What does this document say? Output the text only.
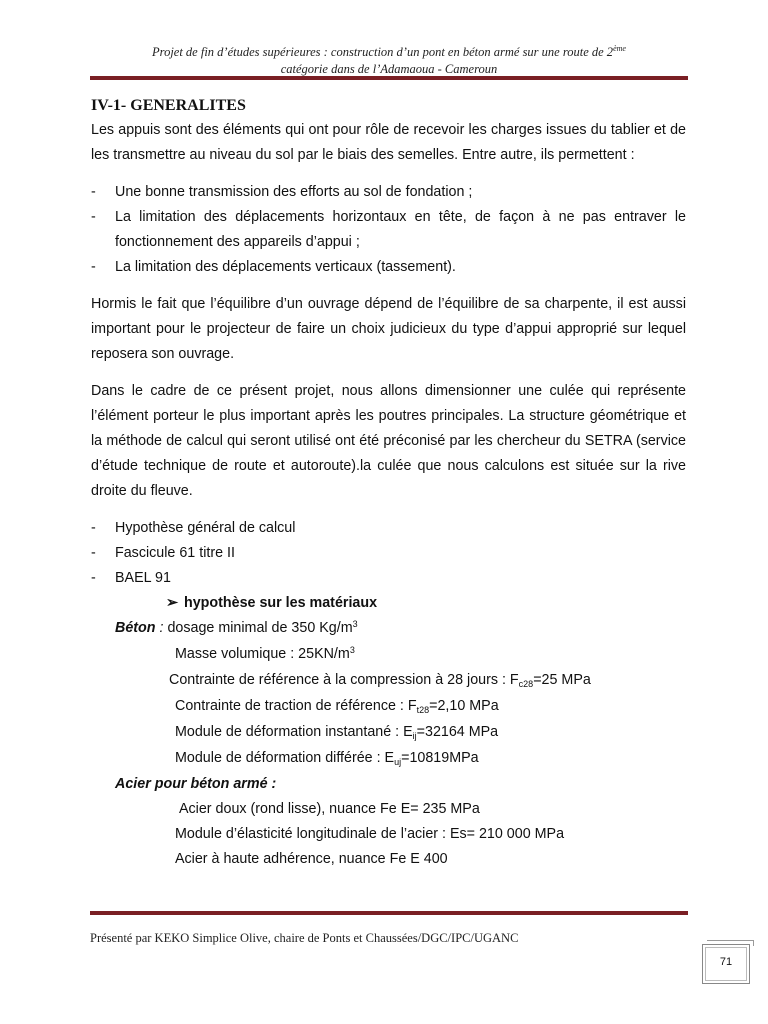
Projet de fin d’études supérieures : construction d’un pont en béton armé sur une route de 2ème
catégorie dans de l’Adamaoua - Cameroun
IV-1- GENERALITES

Les appuis sont des éléments qui ont pour rôle de recevoir les charges issues du tablier et de les transmettre au niveau du sol par le biais des semelles. Entre autre, ils permettent :

- Une bonne transmission des efforts au sol de fondation ;
- La limitation des déplacements horizontaux en tête, de façon à ne pas entraver le fonctionnement des appareils d’appui ;
- La limitation des déplacements verticaux (tassement).

Hormis le fait que l’équilibre d’un ouvrage dépend de l’équilibre de sa charpente, il est aussi important pour le projecteur de faire un choix judicieux du type d’appui approprié sur lequel reposera son ouvrage.

Dans le cadre de ce présent projet, nous allons dimensionner une culée qui représente l’élément porteur le plus important après les poutres principales. La structure géométrique et la méthode de calcul qui seront utilisé ont été préconisé par les chercheur du SETRA (service d’étude technique de route et autoroute).la culée que nous calculons est située sur la rive droite du fleuve.

- Hypothèse général de calcul
- Fascicule 61 titre II
- BAEL 91
➢ hypothèse sur les matériaux
Béton : dosage minimal de 350 $Kg/m^3$
Masse volumique : $25KN/m^3$
Contrainte de référence à la compression à 28 jours : $F_{c28}=25$ MPa
Contrainte de traction de référence : $F_{t28}=2,10$ MPa
Module de déformation instantané : $E_{ij}=32164$ MPa
Module de déformation différée : $E_{uj}=10819MPa$
Acier pour béton armé :
Acier doux (rond lisse), nuance Fe E= 235 MPa
Module d’élasticité longitudinale de l’acier : Es= 210 000 MPa
Acier à haute adhérence, nuance Fe E 400
Présenté par KEKO Simplice Olive, chaire de Ponts et Chaussées/DGC/IPC/UGANC
71
